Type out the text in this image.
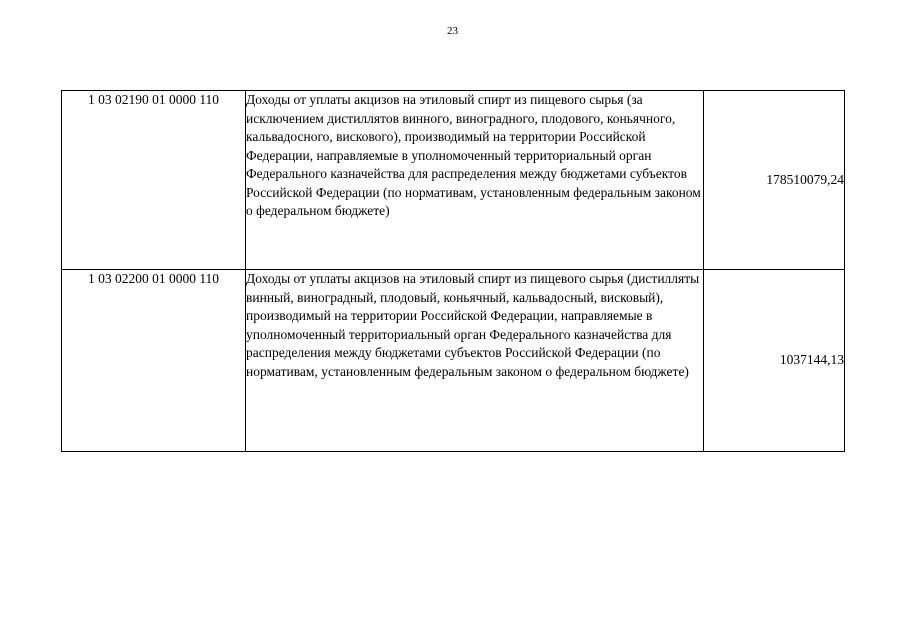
23
1 03 02190 01 0000 110	Доходы от уплаты акцизов на этиловый спирт из пищевого сырья (за исключением дистиллятов винного, виноградного, плодового, коньячного, кальвадосного, вискового), производимый на территории Российской Федерации, направляемые в уполномоченный территориальный орган Федерального казначейства для распределения между бюджетами субъектов Российской Федерации (по нормативам, установленным федеральным законом о федеральном бюджете)	178510079,24
1 03 02200 01 0000 110	Доходы от уплаты акцизов на этиловый спирт из пищевого сырья (дистилляты винный, виноградный, плодовый, коньячный, кальвадосный, висковый), производимый на территории Российской Федерации, направляемые в уполномоченный территориальный орган Федерального казначейства для распределения между бюджетами субъектов Российской Федерации (по нормативам, установленным федеральным законом о федеральном бюджете)	1037144,13
